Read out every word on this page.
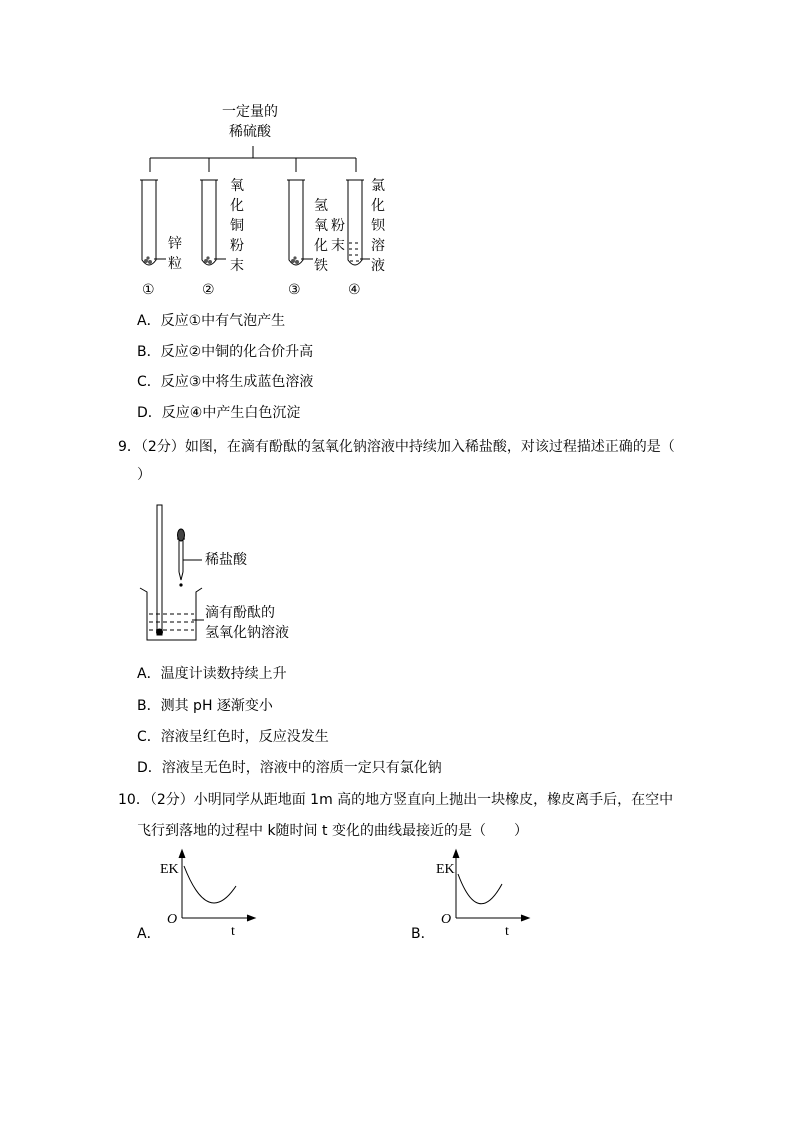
一定量的
稀硫酸
锌粒
氧化铜粉末
氢氧化铁
粉末
氯化钡溶液
①	②	③	④
A．反应①中有气泡产生
B．反应②中铜的化合价升高
C．反应③中将生成蓝色溶液
D．反应④中产生白色沉淀
9．（2分）如图，在滴有酚酞的氢氧化钠溶液中持续加入稀盐酸，对该过程描述正确的是（
）
稀盐酸
滴有酚酞的
氢氧化钠溶液
A．温度计读数持续上升
B．测其 pH 逐渐变小
C．溶液呈红色时，反应没发生
D．溶液呈无色时，溶液中的溶质一定只有氯化钠
10．（2分）小明同学从距地面 1m 高的地方竖直向上抛出一块橡皮，橡皮离手后，在空中
飞行到落地的过程中 k随时间 t 变化的曲线最接近的是（　　）
EK
O
t
A．
EK
O
t
B．
